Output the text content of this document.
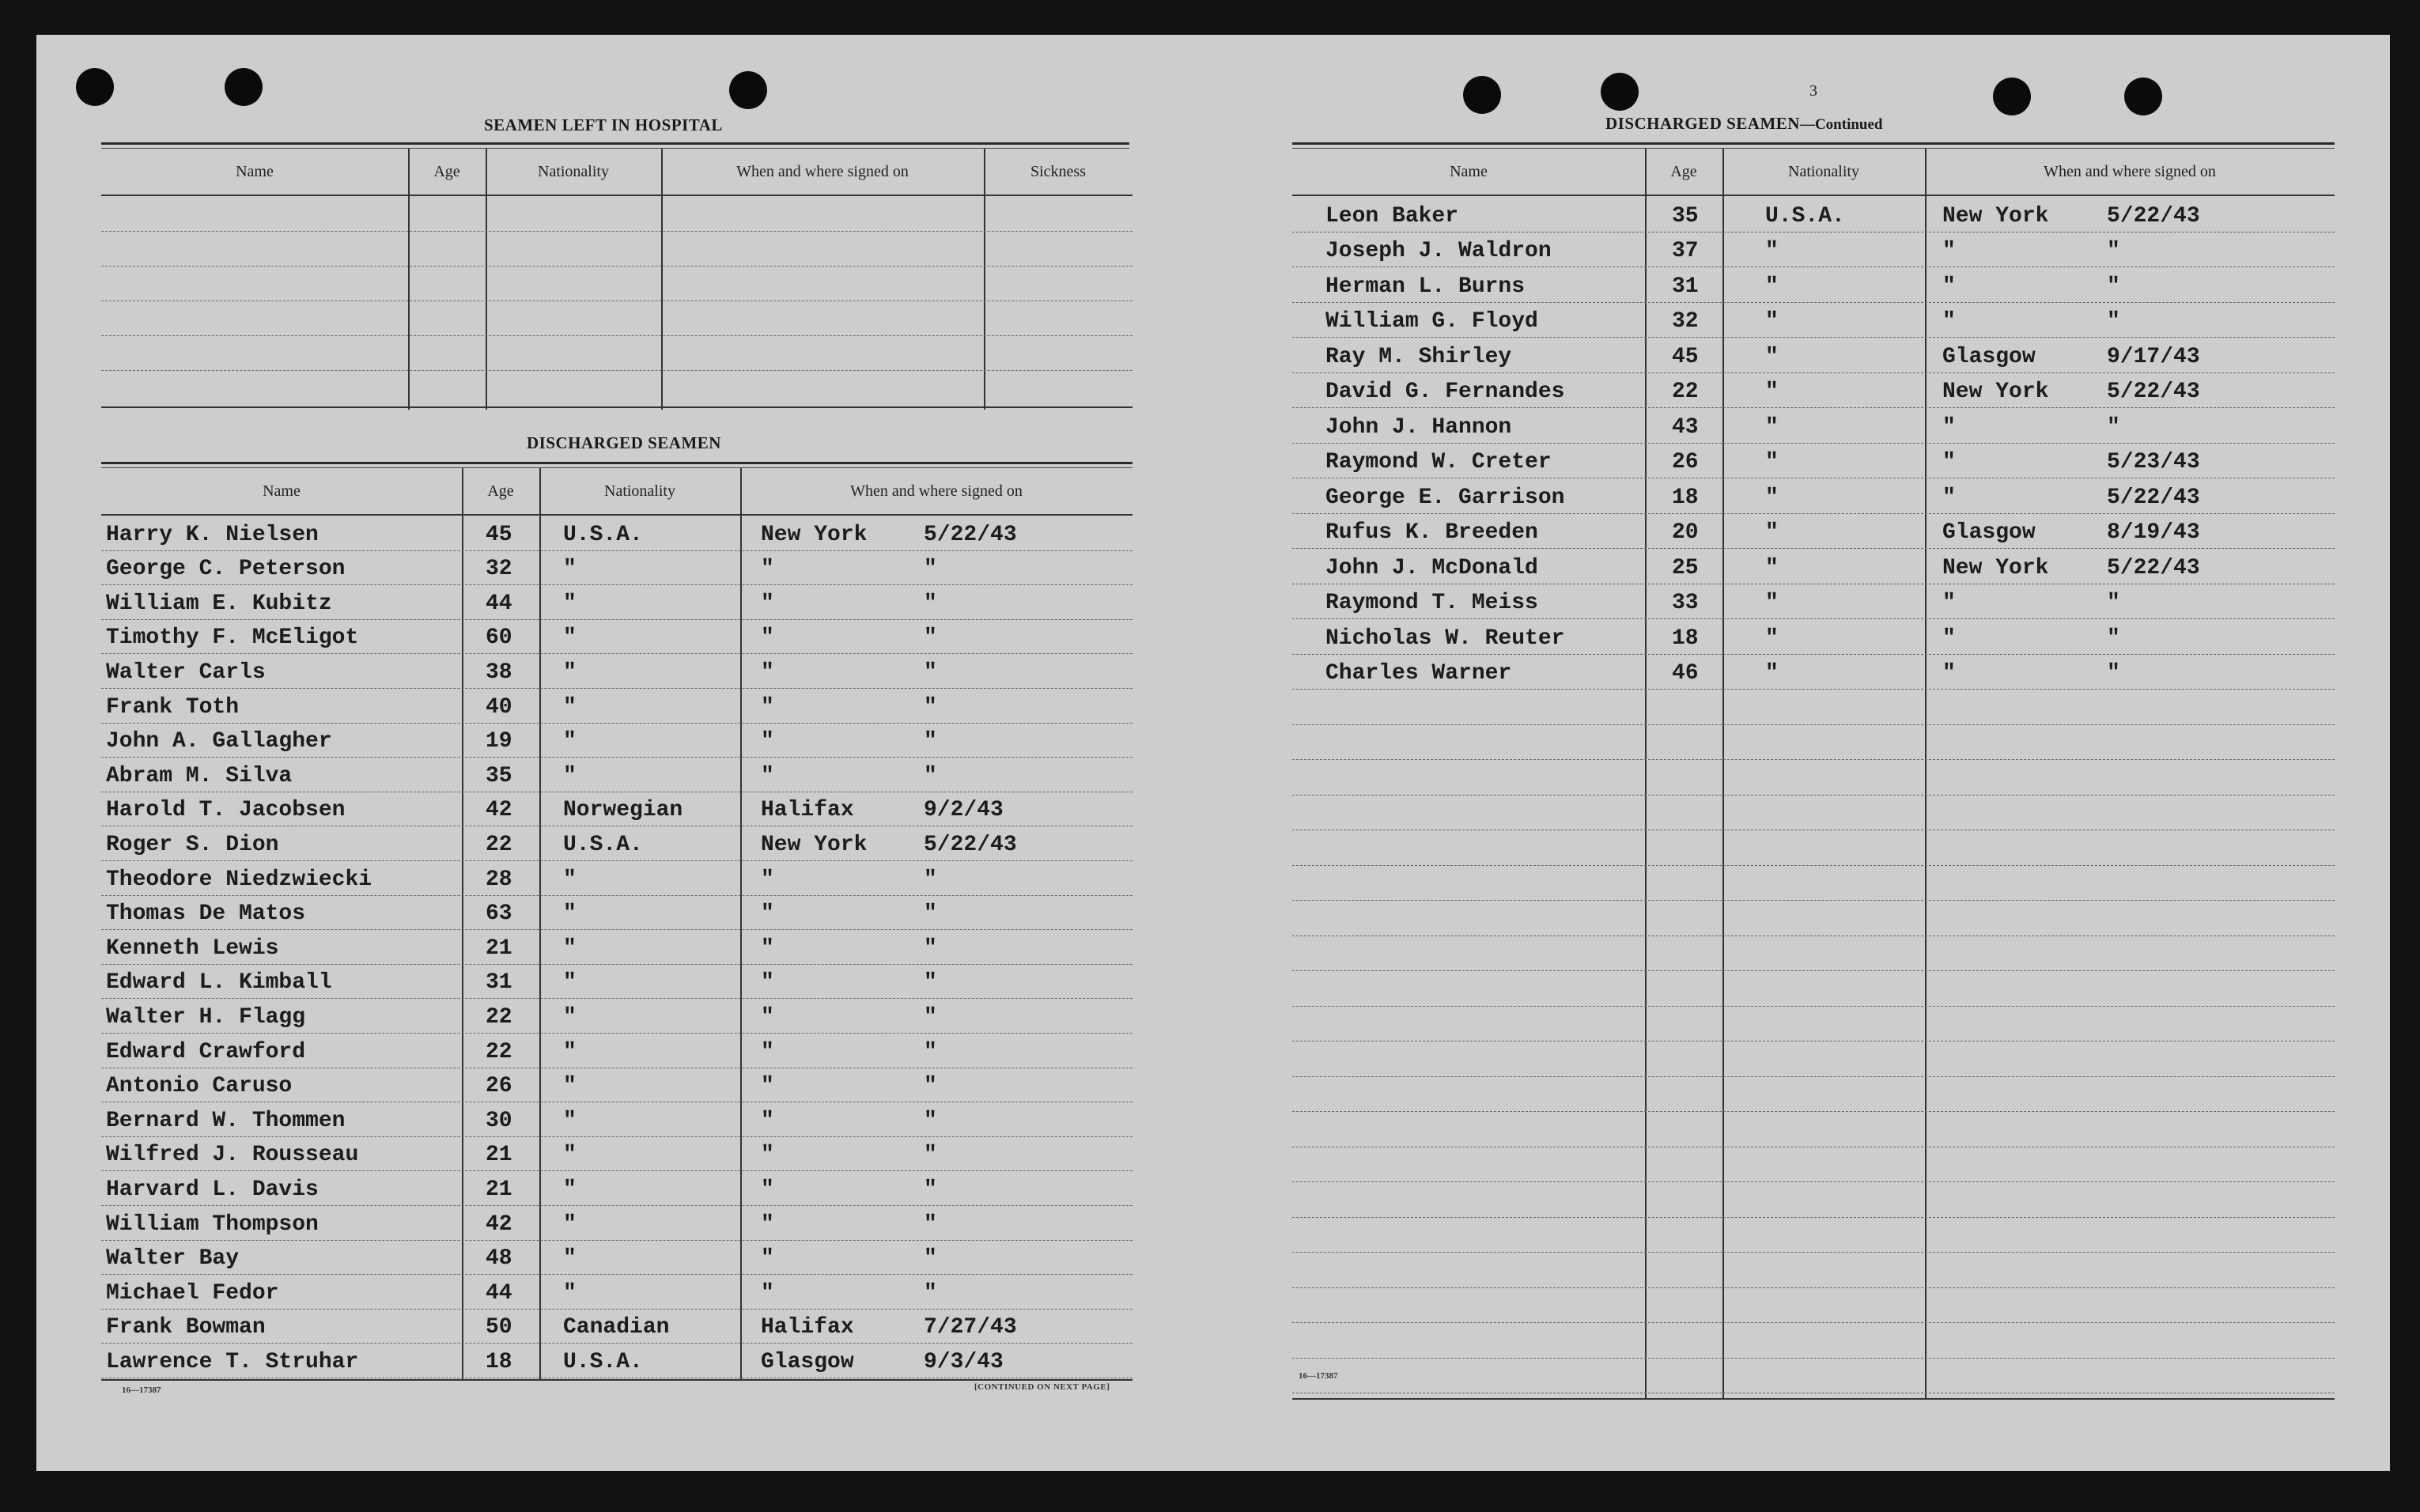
SEAMEN LEFT IN HOSPITAL
Name	Age	Nationality	When and where signed on	Sickness
DISCHARGED SEAMEN
Name	Age	Nationality	When and where signed on
Harry K. Nielsen	45 U.S.A.	New York	5/22/43
George C. Peterson	32 "	"	"
William E. Kubitz	44 "	"	"
Timothy F. McEligot	60 "	"	"
Walter Carls	38 "	"	"
Frank Toth	40 "	"	"
John A. Gallagher	19 "	"	"
Abram M. Silva	35 "	"	"
Harold T. Jacobsen	42 Norwegian	Halifax	9/2/43
Roger S. Dion	22 U.S.A.	New York	5/22/43
Theodore Niedzwiecki	28 "	"	"
Thomas De Matos	63 "	"	"
Kenneth Lewis	21 "	"	"
Edward L. Kimball	31 "	"	"
Walter H. Flagg	22 "	"	"
Edward Crawford	22 "	"	"
Antonio Caruso	26 "	"	"
Bernard W. Thommen	30 "	"	"
Wilfred J. Rousseau	21 "	"	"
Harvard L. Davis	21 "	"	"
William Thompson	42 "	"	"
Walter Bay	48 "	"	"
Michael Fedor	44 "	"	"
Frank Bowman	50 Canadian	Halifax	7/27/43
Lawrence T. Struhar	18 U.S.A.	Glasgow	9/3/43
16—17387	[CONTINUED ON NEXT PAGE]
3
DISCHARGED SEAMEN—Continued
Name	Age	Nationality	When and where signed on
Leon Baker	35	U.S.A.	New York	5/22/43
Joseph J. Waldron	37	"	"	"
Herman L. Burns	31	"	"	"
William G. Floyd	32	"	"	"
Ray M. Shirley	45	"	Glasgow	9/17/43
David G. Fernandes	22	"	New York	5/22/43
John J. Hannon	43	"	"	"
Raymond W. Creter	26	"	"	5/23/43
George E. Garrison	18	"	"	5/22/43
Rufus K. Breeden	20	"	Glasgow	8/19/43
John J. McDonald	25	"	New York	5/22/43
Raymond T. Meiss	33	"	"	"
Nicholas W. Reuter	18	"	"	"
Charles Warner	46	"	"	"
16—17387
